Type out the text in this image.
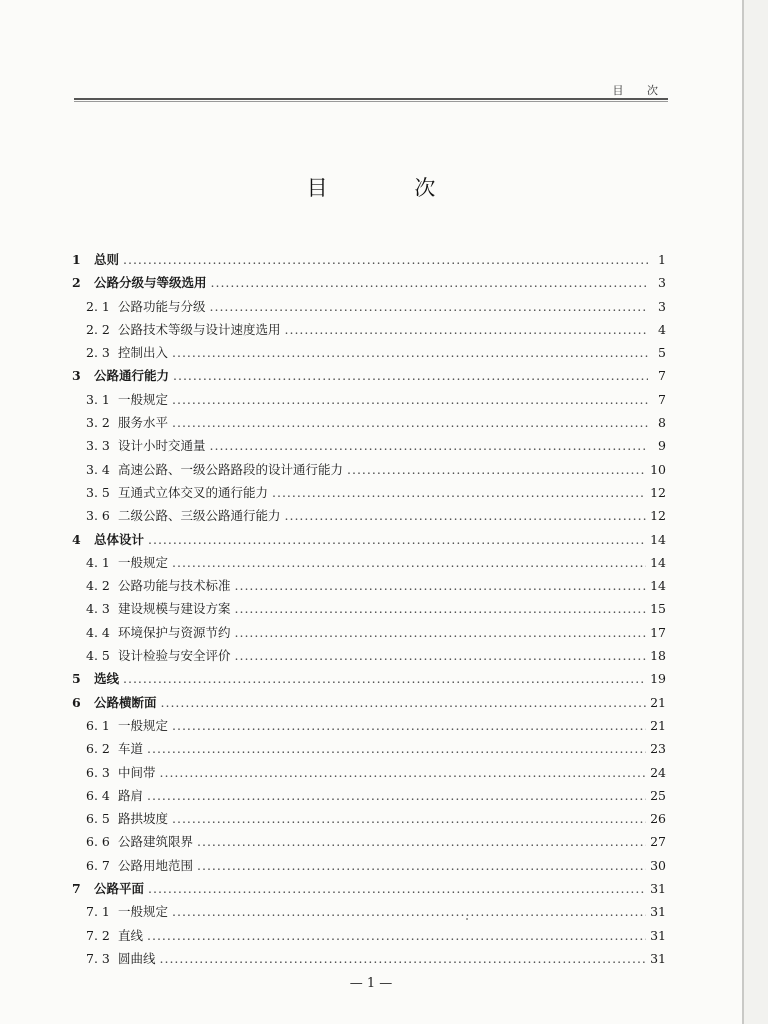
目 次
目 次
1	总则 .....	1
2	公路分级与等级选用 .....	3
2. 1 公路功能与分级 .....	3
2. 2 公路技术等级与设计速度选用 .....	4
2. 3 控制出入 .....	5
3	公路通行能力 .....	7
3. 1 一般规定 .....	7
3. 2 服务水平 .....	8
3. 3 设计小时交通量 .....	9
3. 4 高速公路、一级公路路段的设计通行能力 .....	10
3. 5 互通式立体交叉的通行能力 .....	12
3. 6 二级公路、三级公路通行能力 .....	12
4	总体设计 .....	14
4. 1 一般规定 .....	14
4. 2 公路功能与技术标准 .....	14
4. 3 建设规模与建设方案 .....	15
4. 4 环境保护与资源节约 .....	17
4. 5 设计检验与安全评价 .....	18
5	选线 .....	19
6	公路横断面 .....	21
6. 1 一般规定 .....	21
6. 2 车道 .....	23
6. 3 中间带 .....	24
6. 4 路肩 .....	25
6. 5 路拱坡度 .....	26
6. 6 公路建筑限界 .....	27
6. 7 公路用地范围 .....	30
7	公路平面 .....	31
7. 1 一般规定 .....	31
7. 2 直线 .....	31
7. 3 圆曲线 .....	31
— 1 —
